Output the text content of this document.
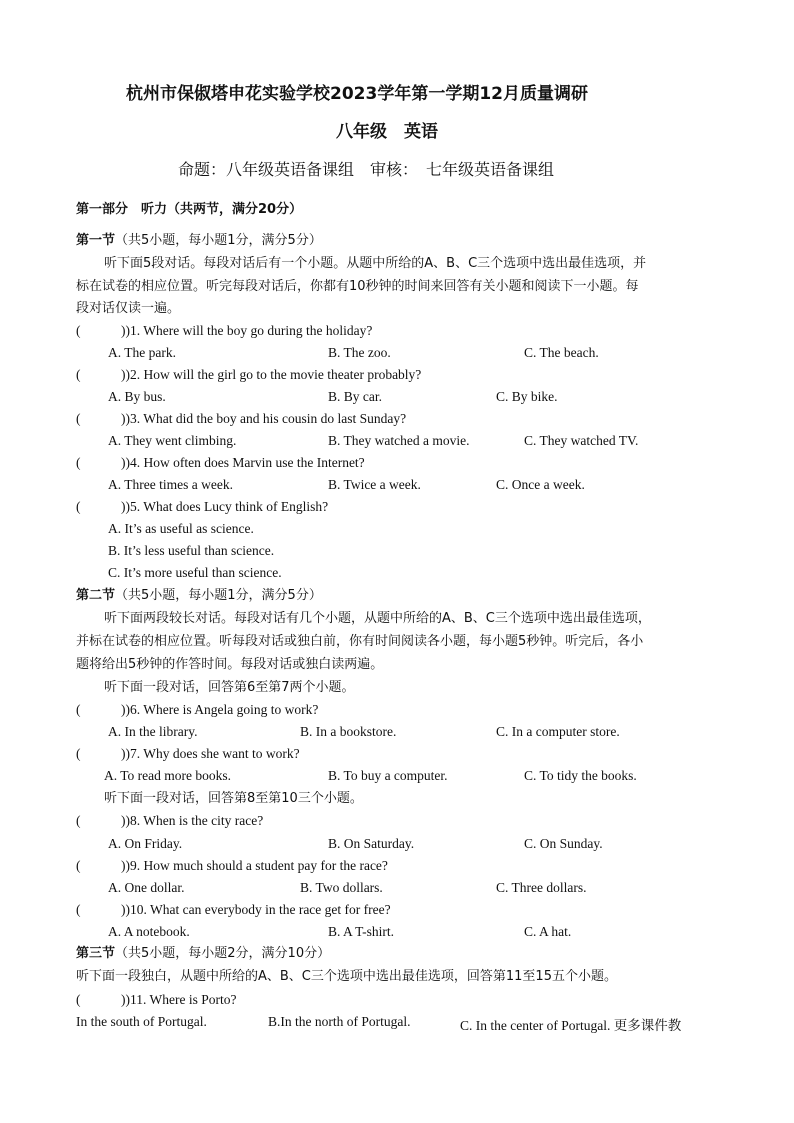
杭州市保俶塔申花实验学校2023学年第一学期12月质量调研
八年级　英语
命题：八年级英语备课组　审核：　七年级英语备课组
第一部分　听力（共两节，满分20分）
第一节（共5小题，每小题1分，满分5分）
听下面5段对话。每段对话后有一个小题。从题中所给的A、B、C三个选项中选出最佳选项，并
标在试卷的相应位置。听完每段对话后，你都有10秒钟的时间来回答有关小题和阅读下一小题。每
段对话仅读一遍。
(　　　))1. Where will the boy go during the holiday?
A. The park.	B. The zoo.	C. The beach.
(　　　))2. How will the girl go to the movie theater probably?
A. By bus.	B. By car.	C. By bike.
(　　　))3. What did the boy and his cousin do last Sunday?
A. They went climbing.	B. They watched a movie.	C. They watched TV.
(　　　))4. How often does Marvin use the Internet?
A. Three times a week.	B. Twice a week.	C. Once a week.
(　　　))5. What does Lucy think of English?
A. It’s as useful as science.
B. It’s less useful than science.
C. It’s more useful than science.
第二节（共5小题，每小题1分，满分5分）
听下面两段较长对话。每段对话有几个小题，从题中所给的A、B、C三个选项中选出最佳选项，
并标在试卷的相应位置。听每段对话或独白前，你有时间阅读各小题，每小题5秒钟。听完后，各小
题将给出5秒钟的作答时间。每段对话或独白读两遍。
听下面一段对话，回答第6至第7两个小题。
(　　　))6. Where is Angela going to work?
A. In the library.	B. In a bookstore.	C. In a computer store.
(　　　))7. Why does she want to work?
A. To read more books.	B. To buy a computer.	C. To tidy the books.
听下面一段对话，回答第8至第10三个小题。
(　　　))8. When is the city race?
A. On Friday.	B. On Saturday.	C. On Sunday.
(　　　))9. How much should a student pay for the race?
A. One dollar.	B. Two dollars.	C. Three dollars.
(　　　))10. What can everybody in the race get for free?
A. A notebook.	B. A T-shirt.	C. A hat.
第三节（共5小题，每小题2分，满分10分）
听下面一段独白，从题中所给的A、B、C三个选项中选出最佳选项，回答第11至15五个小题。
(　　　))11. Where is Porto?
In the south of Portugal.	B.In the north of Portugal.	C. In the center of Portugal. 更多课件教
